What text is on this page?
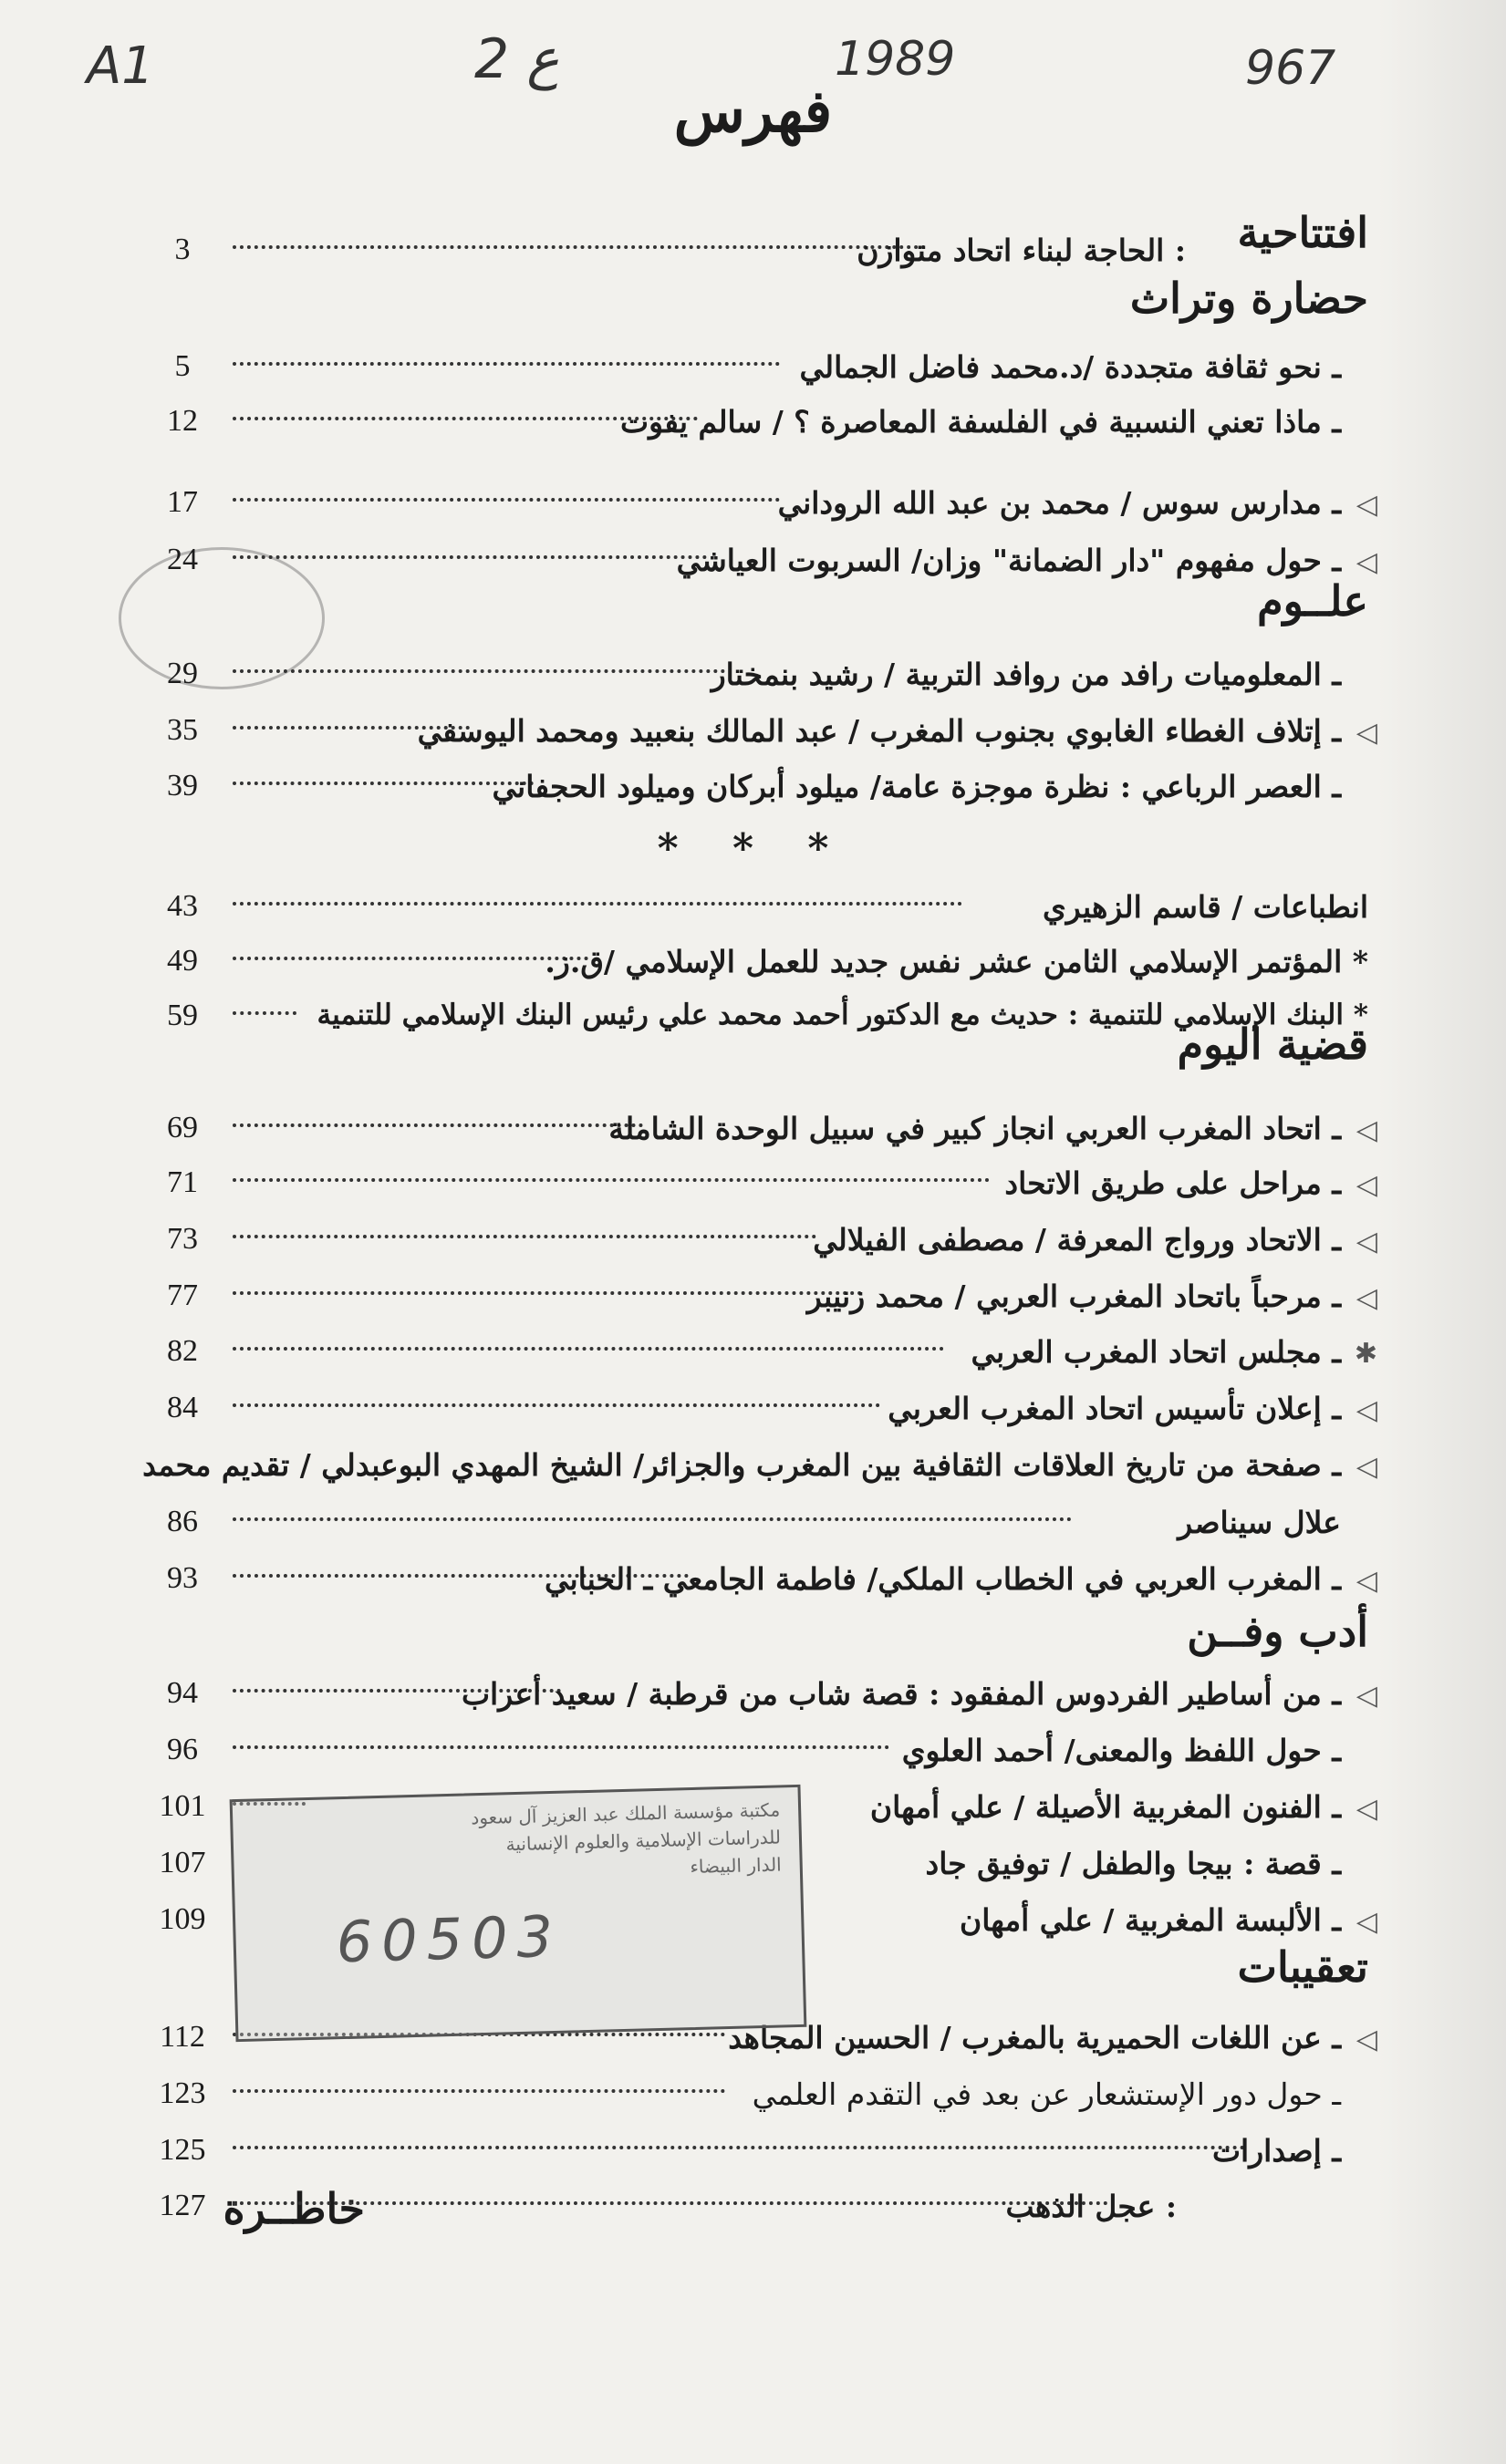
A1	2 ع	1989	967
فهرس
افتتاحية
حضارة وتراث
علــوم
قضية اليوم
أدب وفــن
تعقيبات
خاطــرة
3	: الحاجة لبناء اتحاد متوازن
5	ـ نحو ثقافة متجددة /د.محمد فاضل الجمالي
12	ـ ماذا تعني النسبية في الفلسفة المعاصرة ؟ / سالم يفوت
17	ـ مدارس سوس / محمد بن عبد الله الروداني ◁
24	ـ حول مفهوم "دار الضمانة" وزان/ السربوت العياشي ◁
29	ـ المعلوميات رافد من روافد التربية / رشيد بنمختار
35	ـ إتلاف الغطاء الغابوي بجنوب المغرب / عبد المالك بنعبيد ومحمد اليوسفي ◁
39	ـ العصر الرباعي : نظرة موجزة عامة/ ميلود أبركان وميلود الحجفاني
43	انطباعات / قاسم الزهيري
49	* المؤتمر الإسلامي الثامن عشر نفس جديد للعمل الإسلامي /ق.ز.
59	* البنك الإسلامي للتنمية : حديث مع الدكتور أحمد محمد علي رئيس البنك الإسلامي للتنمية
69	ـ اتحاد المغرب العربي انجاز كبير في سبيل الوحدة الشاملة ◁
71	ـ مراحل على طريق الاتحاد ◁
73	ـ الاتحاد ورواج المعرفة / مصطفى الفيلالي ◁
77	ـ مرحباً باتحاد المغرب العربي / محمد زنيبر ◁
82	ـ مجلس اتحاد المغرب العربي ✱
84	ـ إعلان تأسيس اتحاد المغرب العربي ◁
ـ صفحة من تاريخ العلاقات الثقافية بين المغرب والجزائر/ الشيخ المهدي البوعبدلي / تقديم محمد ◁
86	علال سيناصر
93	ـ المغرب العربي في الخطاب الملكي/ فاطمة الجامعي ـ الحبابي ◁
94	ـ من أساطير الفردوس المفقود : قصة شاب من قرطبة / سعيد أعراب ◁
96	ـ حول اللفظ والمعنى/ أحمد العلوي
101	ـ الفنون المغربية الأصيلة / علي أمهان ◁
107	ـ قصة : بيجا والطفل / توفيق جاد
109	ـ الألبسة المغربية / علي أمهان ◁
112	ـ عن اللغات الحميرية بالمغرب / الحسين المجاهد ◁
123	ـ حول دور الإستشعار عن بعد في التقدم العلمي
125	ـ إصدارات
127	: عجل الذهب
* * *
مكتبة مؤسسة الملك عبد العزيز آل سعود
للدراسات الإسلامية والعلوم الإنسانية
الدار البيضاء
60503
